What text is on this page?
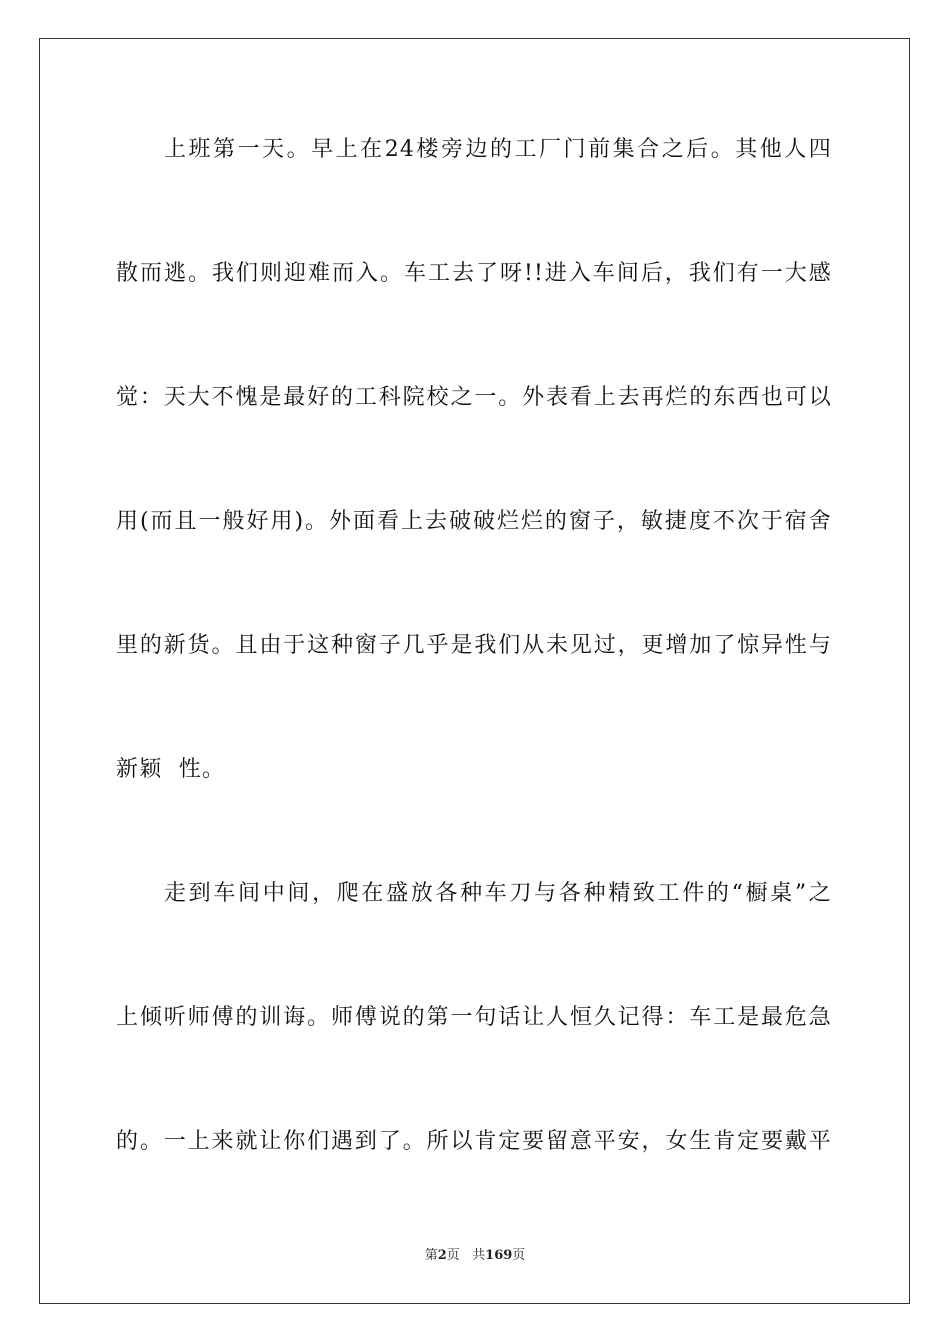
上班第一天。早上在24楼旁边的工厂门前集合之后。其他人四
散而逃。我们则迎难而入。车工去了呀!!进入车间后，我们有一大感
觉：天大不愧是最好的工科院校之一。外表看上去再烂的东西也可以
用(而且一般好用)。外面看上去破破烂烂的窗子，敏捷度不次于宿舍
里的新货。且由于这种窗子几乎是我们从未见过，更增加了惊异性与
新颖  性。
走到车间中间，爬在盛放各种车刀与各种精致工件的“橱桌”之
上倾听师傅的训诲。师傅说的第一句话让人恒久记得：车工是最危急
的。一上来就让你们遇到了。所以肯定要留意平安，女生肯定要戴平
第2页   共169页
